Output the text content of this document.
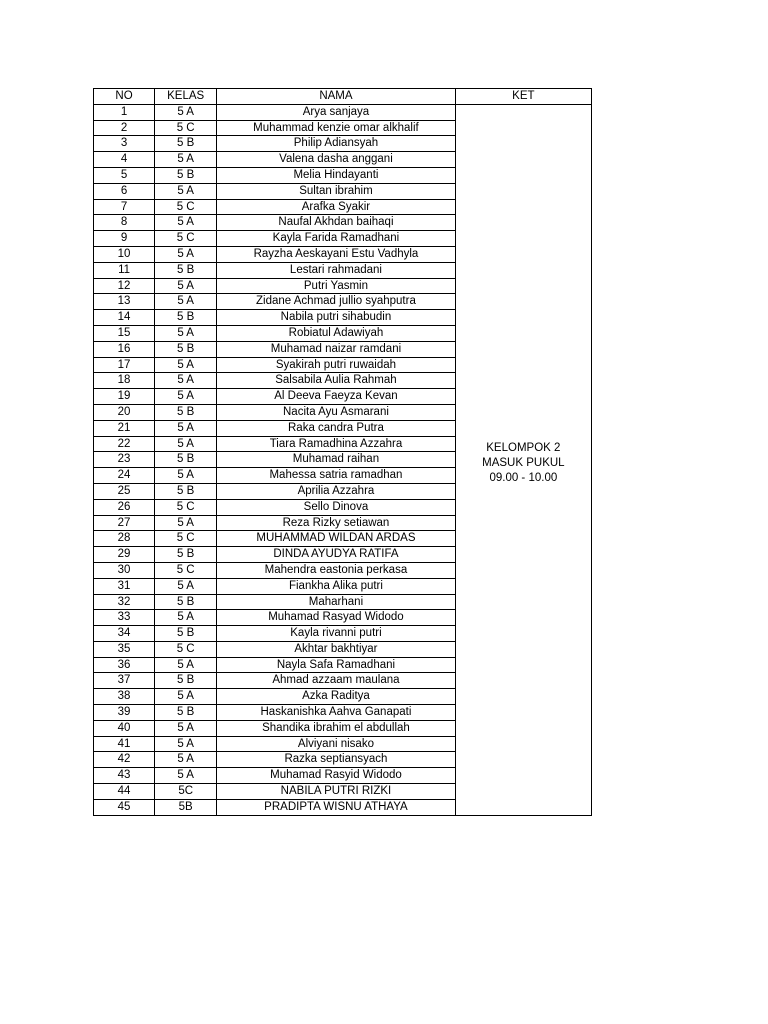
NO	KELAS	NAMA	KET
1	5 A	Arya sanjaya	KELOMPOK 2
MASUK PUKUL
09.00 - 10.00

2	5 C	Muhammad kenzie omar alkhalif	
3	5 B	Philip Adiansyah	
4	5 A	Valena dasha anggani	
5	5 B	Melia Hindayanti	
6	5 A	Sultan ibrahim	
7	5 C	Arafka Syakir	
8	5 A	Naufal Akhdan baihaqi	
9	5 C	Kayla Farida Ramadhani	
10	5 A	Rayzha Aeskayani Estu Vadhyla	
11	5 B	Lestari rahmadani	
12	5 A	Putri Yasmin	
13	5 A	Zidane Achmad jullio syahputra	
14	5 B	Nabila putri sihabudin	
15	5 A	Robiatul Adawiyah	
16	5 B	Muhamad naizar ramdani	
17	5 A	Syakirah putri ruwaidah	
18	5 A	Salsabila Aulia Rahmah	
19	5 A	Al Deeva Faeyza Kevan	
20	5 B	Nacita Ayu Asmarani	
21	5 A	Raka candra Putra	
22	5 A	Tiara Ramadhina Azzahra	
23	5 B	Muhamad raihan	
24	5 A	Mahessa satria ramadhan	
25	5 B	Aprilia Azzahra	
26	5 C	Sello Dinova	
27	5 A	Reza Rizky setiawan	
28	5 C	MUHAMMAD WILDAN ARDAS	
29	5 B	DINDA AYUDYA RATIFA	
30	5 C	Mahendra eastonia perkasa	
31	5 A	Fiankha Alika putri	
32	5 B	Maharhani	
33	5 A	Muhamad Rasyad Widodo	
34	5 B	Kayla rivanni putri	
35	5 C	Akhtar bakhtiyar	
36	5 A	Nayla Safa Ramadhani	
37	5 B	Ahmad azzaam maulana	
38	5 A	Azka Raditya	
39	5 B	Haskanishka Aahva Ganapati	
40	5 A	Shandika ibrahim el abdullah	
41	5 A	Alviyani nisako	
42	5 A	Razka septiansyach	
43	5 A	Muhamad Rasyid Widodo	
44	5C	NABILA PUTRI RIZKI	
45	5B	PRADIPTA WISNU ATHAYA	
